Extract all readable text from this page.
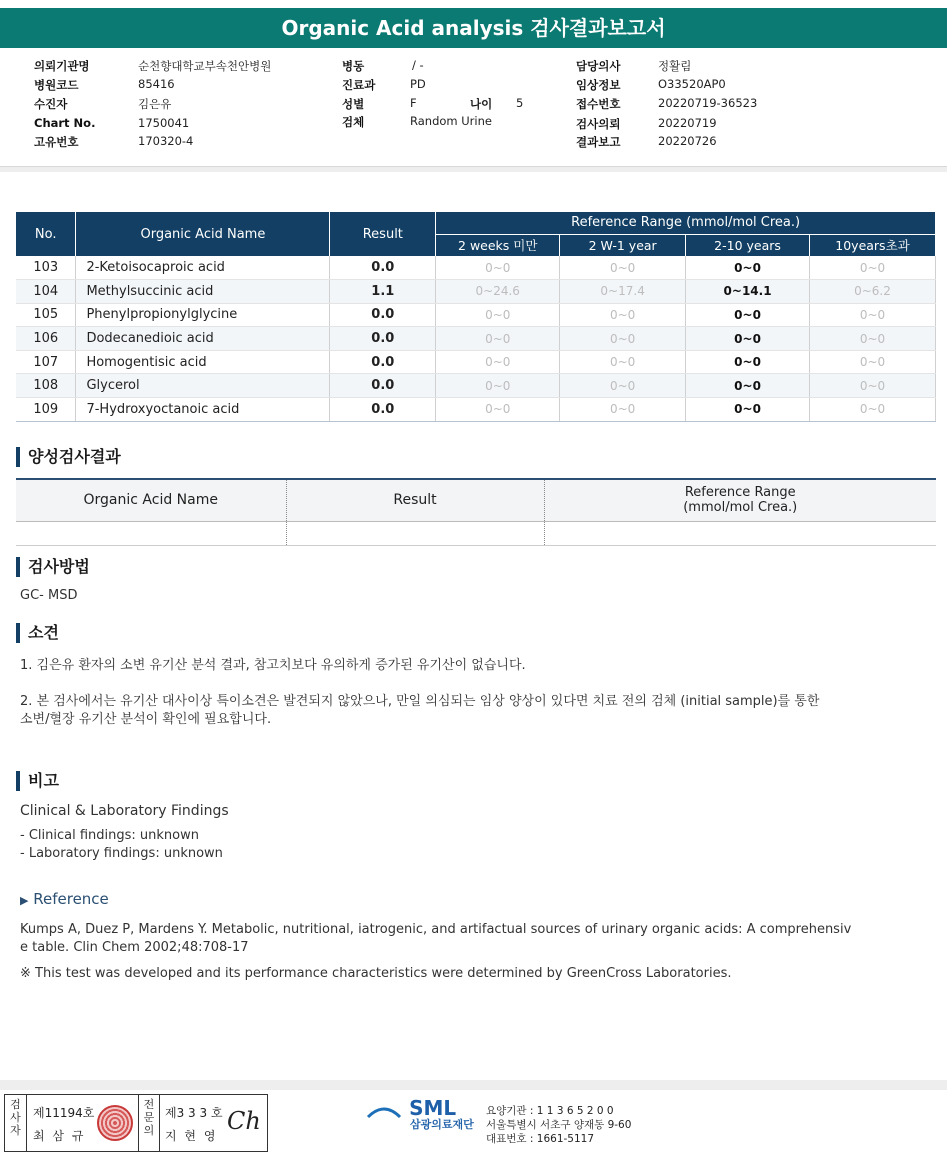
Organic Acid analysis 검사결과보고서
의뢰기관명	순천향대학교부속천안병원
병원코드	85416
수진자	김은유
Chart No.	1750041
고유번호	170320-4
병동	/ -
진료과	PD
성별	F	나이 5
검체	Random Urine
담당의사	정활림
임상정보	O33520AP0
접수번호	20220719-36523
검사의뢰	20220719
결과보고	20220726
No.	Organic Acid Name	Result	Reference Range (mmol/mol Crea.)			
			2 weeks 미만	2 W-1 year	2-10 years	10years초과
103	2-Ketoisocaproic acid	0.0	0~0	0~0	0~0	0~0
104	Methylsuccinic acid	1.1	0~24.6	0~17.4	0~14.1	0~6.2
105	Phenylpropionylglycine	0.0	0~0	0~0	0~0	0~0
106	Dodecanedioic acid	0.0	0~0	0~0	0~0	0~0
107	Homogentisic acid	0.0	0~0	0~0	0~0	0~0
108	Glycerol	0.0	0~0	0~0	0~0	0~0
109	7-Hydroxyoctanoic acid	0.0	0~0	0~0	0~0	0~0
양성검사결과
Organic Acid Name	Result	Reference Range
(mmol/mol Crea.)

검사방법
GC- MSD
소견
1. 김은유 환자의 소변 유기산 분석 결과, 참고치보다 유의하게 증가된 유기산이 없습니다.
2. 본 검사에서는 유기산 대사이상 특이소견은 발견되지 않았으나, 만일 의심되는 임상 양상이 있다면 치료 전의 검체 (initial sample)를 통한
소변/혈장 유기산 분석이 확인에 필요합니다.
비고
Clinical & Laboratory Findings
- Clinical findings: unknown
- Laboratory findings: unknown
▶ Reference
Kumps A, Duez P, Mardens Y. Metabolic, nutritional, iatrogenic, and artifactual sources of urinary organic acids: A comprehensiv
e table. Clin Chem 2002;48:708-17
※ This test was developed and its performance characteristics were determined by GreenCross Laboratories.
검사자
제11194호
최 삼 규
전문의
제3 3 3 호
지 현 영
Ch	SML
삼광의료재단
요양기관 : 1 1 3 6 5 2 0 0
서울특별시 서초구 양재동 9-60
대표번호 : 1661-5117
